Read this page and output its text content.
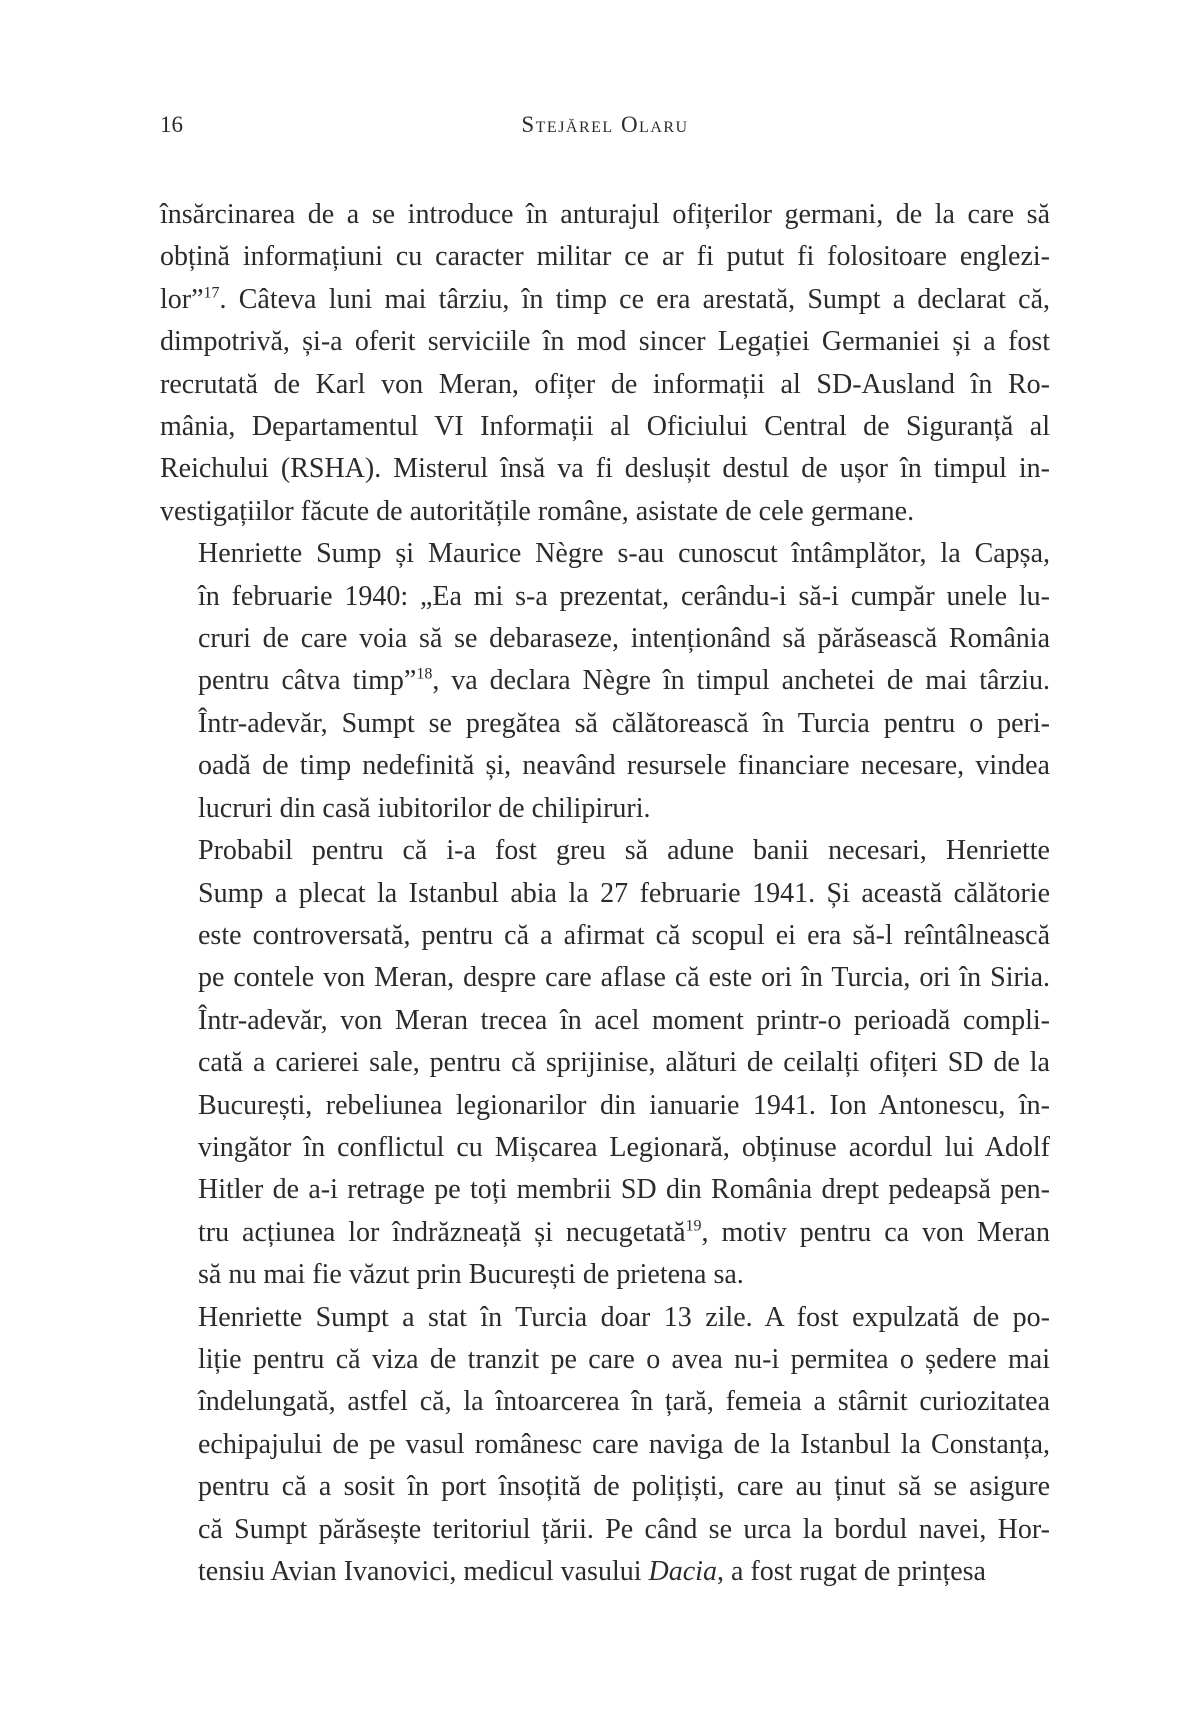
16	Stejărel Olaru
însărcinarea de a se introduce în anturajul ofițerilor germani, de la care să
obțină informațiuni cu caracter militar ce ar fi putut fi folositoare englezi-
lor”$^{17}$. Câteva luni mai târziu, în timp ce era arestată, Sumpt a declarat că,
dimpotrivă, și-a oferit serviciile în mod sincer Legației Germaniei și a fost
recrutată de Karl von Meran, ofițer de informații al SD-Ausland în Ro-
mânia, Departamentul VI Informații al Oficiului Central de Siguranță al
Reichului (RSHA). Misterul însă va fi deslușit destul de ușor în timpul in-
vestigațiilor făcute de autoritățile române, asistate de cele germane.
Henriette Sump și Maurice Nègre s-au cunoscut întâmplător, la Capșa,
în februarie 1940: „Ea mi s-a prezentat, cerându-i să-i cumpăr unele lu-
cruri de care voia să se debaraseze, intenționând să părăsească România
pentru câtva timp”$^{18}$, va declara Nègre în timpul anchetei de mai târziu.
Într-adevăr, Sumpt se pregătea să călătorească în Turcia pentru o peri-
oadă de timp nedefinită și, neavând resursele financiare necesare, vindea
lucruri din casă iubitorilor de chilipiruri.
Probabil pentru că i-a fost greu să adune banii necesari, Henriette
Sump a plecat la Istanbul abia la 27 februarie 1941. Și această călătorie
este controversată, pentru că a afirmat că scopul ei era să-l reîntâlnească
pe contele von Meran, despre care aflase că este ori în Turcia, ori în Siria.
Într-adevăr, von Meran trecea în acel moment printr-o perioadă compli-
cată a carierei sale, pentru că sprijinise, alături de ceilalți ofițeri SD de la
București, rebeliunea legionarilor din ianuarie 1941. Ion Antonescu, în-
vingător în conflictul cu Mișcarea Legionară, obținuse acordul lui Adolf
Hitler de a-i retrage pe toți membrii SD din România drept pedeapsă pen-
tru acțiunea lor îndrăzneață și necugetată$^{19}$, motiv pentru ca von Meran
să nu mai fie văzut prin București de prietena sa.
Henriette Sumpt a stat în Turcia doar 13 zile. A fost expulzată de po-
liție pentru că viza de tranzit pe care o avea nu-i permitea o ședere mai
îndelungată, astfel că, la întoarcerea în țară, femeia a stârnit curiozitatea
echipajului de pe vasul românesc care naviga de la Istanbul la Constanța,
pentru că a sosit în port însoțită de polițiști, care au ținut să se asigure
că Sumpt părăsește teritoriul țării. Pe când se urca la bordul navei, Hor-
tensiu Avian Ivanovici, medicul vasului Dacia, a fost rugat de prințesa
